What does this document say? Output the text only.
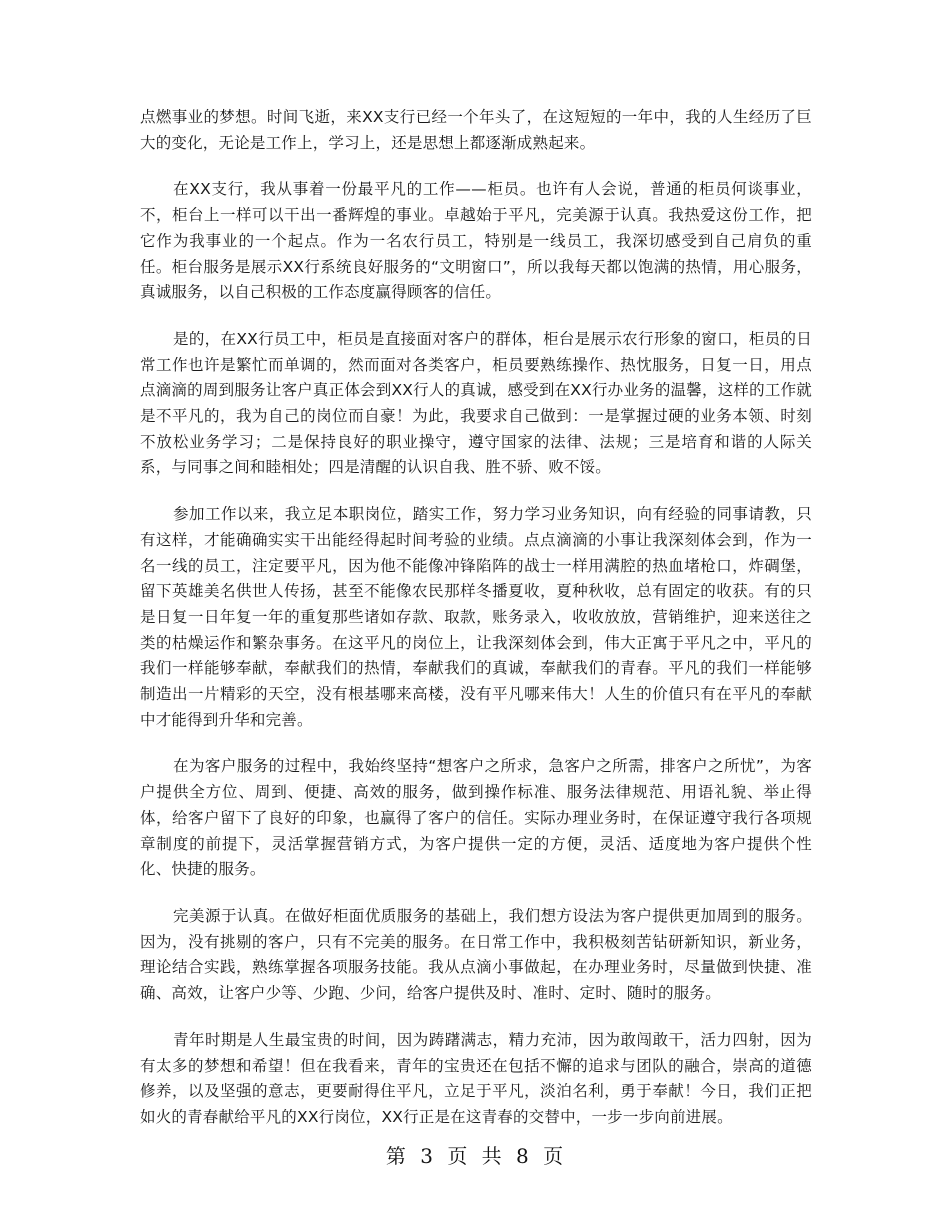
点燃事业的梦想。时间飞逝，来XX支行已经一个年头了，在这短短的一年中，我的人生经历了巨大的变化，无论是工作上，学习上，还是思想上都逐渐成熟起来。

在XX支行，我从事着一份最平凡的工作——柜员。也许有人会说，普通的柜员何谈事业，不，柜台上一样可以干出一番辉煌的事业。卓越始于平凡，完美源于认真。我热爱这份工作，把它作为我事业的一个起点。作为一名农行员工，特别是一线员工，我深切感受到自己肩负的重任。柜台服务是展示XX行系统良好服务的“文明窗口”，所以我每天都以饱满的热情，用心服务，真诚服务，以自己积极的工作态度赢得顾客的信任。

是的，在XX行员工中，柜员是直接面对客户的群体，柜台是展示农行形象的窗口，柜员的日常工作也许是繁忙而单调的，然而面对各类客户，柜员要熟练操作、热忱服务，日复一日，用点点滴滴的周到服务让客户真正体会到XX行人的真诚，感受到在XX行办业务的温馨，这样的工作就是不平凡的，我为自己的岗位而自豪！为此，我要求自己做到：一是掌握过硬的业务本领、时刻不放松业务学习；二是保持良好的职业操守，遵守国家的法律、法规；三是培育和谐的人际关系，与同事之间和睦相处；四是清醒的认识自我、胜不骄、败不馁。

参加工作以来，我立足本职岗位，踏实工作，努力学习业务知识，向有经验的同事请教，只有这样，才能确确实实干出能经得起时间考验的业绩。点点滴滴的小事让我深刻体会到，作为一名一线的员工，注定要平凡，因为他不能像冲锋陷阵的战士一样用满腔的热血堵枪口，炸碉堡，留下英雄美名供世人传扬，甚至不能像农民那样冬播夏收，夏种秋收，总有固定的收获。有的只是日复一日年复一年的重复那些诸如存款、取款，账务录入，收收放放，营销维护，迎来送往之类的枯燥运作和繁杂事务。在这平凡的岗位上，让我深刻体会到，伟大正寓于平凡之中，平凡的我们一样能够奉献，奉献我们的热情，奉献我们的真诚，奉献我们的青春。平凡的我们一样能够制造出一片精彩的天空，没有根基哪来高楼，没有平凡哪来伟大！人生的价值只有在平凡的奉献中才能得到升华和完善。

在为客户服务的过程中，我始终坚持“想客户之所求，急客户之所需，排客户之所忧”，为客户提供全方位、周到、便捷、高效的服务，做到操作标准、服务法律规范、用语礼貌、举止得体，给客户留下了良好的印象，也赢得了客户的信任。实际办理业务时，在保证遵守我行各项规章制度的前提下，灵活掌握营销方式，为客户提供一定的方便，灵活、适度地为客户提供个性化、快捷的服务。

完美源于认真。在做好柜面优质服务的基础上，我们想方设法为客户提供更加周到的服务。因为，没有挑剔的客户，只有不完美的服务。在日常工作中，我积极刻苦钻研新知识，新业务，理论结合实践，熟练掌握各项服务技能。我从点滴小事做起，在办理业务时，尽量做到快捷、准确、高效，让客户少等、少跑、少问，给客户提供及时、准时、定时、随时的服务。

青年时期是人生最宝贵的时间，因为踌躇满志，精力充沛，因为敢闯敢干，活力四射，因为有太多的梦想和希望！但在我看来，青年的宝贵还在包括不懈的追求与团队的融合，崇高的道德修养，以及坚强的意志，更要耐得住平凡，立足于平凡，淡泊名利，勇于奉献！今日，我们正把如火的青春献给平凡的XX行岗位，XX行正是在这青春的交替中，一步一步向前进展。

第 3 页 共 8 页
